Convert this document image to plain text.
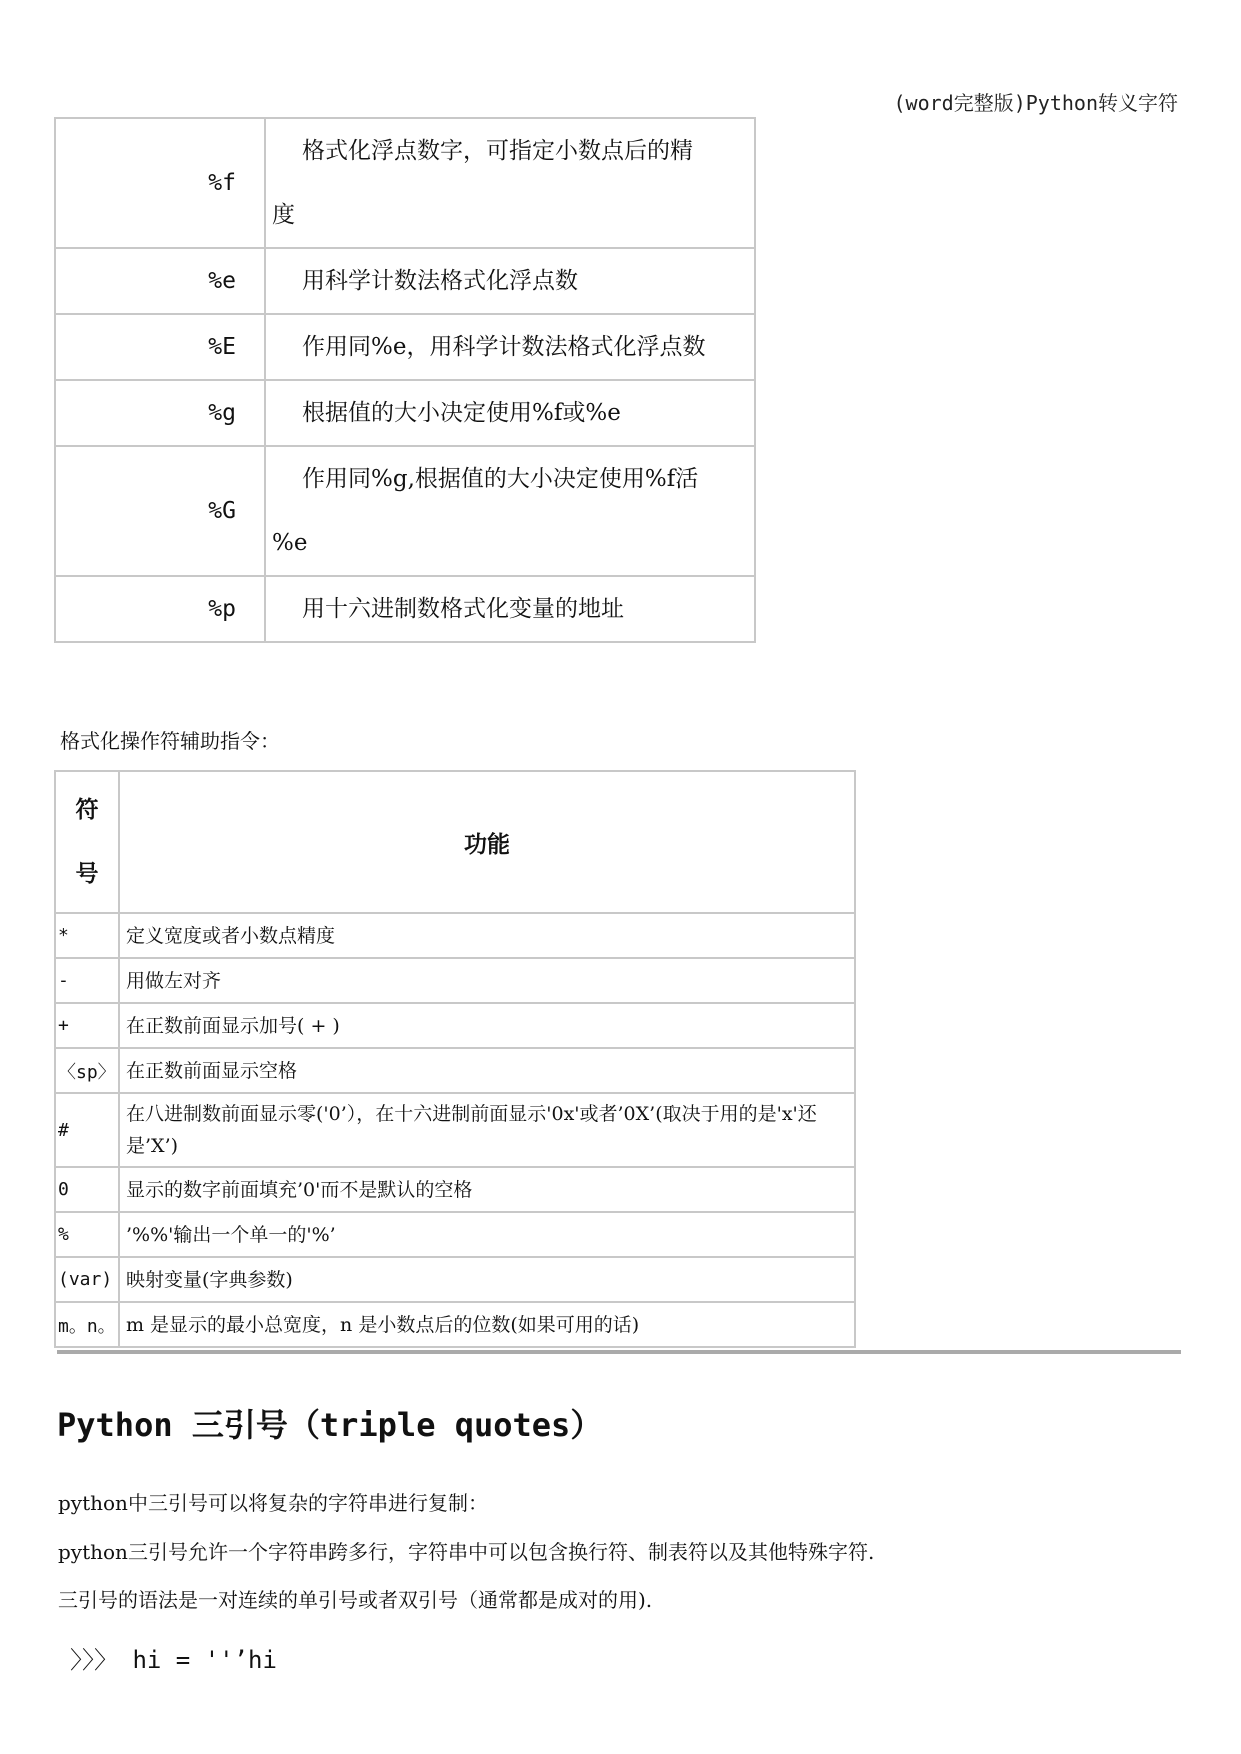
(word完整版)Python转义字符
%f	格式化浮点数字，可指定小数点后的精
度
%e	用科学计数法格式化浮点数
%E	作用同%e，用科学计数法格式化浮点数
%g	根据值的大小决定使用%f或%e
%G	作用同%g,根据值的大小决定使用%f活
%e
%p	用十六进制数格式化变量的地址
格式化操作符辅助指令：
符
号	功能
*	定义宽度或者小数点精度
-	用做左对齐
+	在正数前面显示加号( + )
〈sp〉	在正数前面显示空格
#	在八进制数前面显示零('0’），在十六进制前面显示'0x'或者’0X’(取决于用的是'x'还是’X’)
0	显示的数字前面填充’0'而不是默认的空格
%	’%%'输出一个单一的'%’
(var)	映射变量(字典参数)
m。n。	m 是显示的最小总宽度，n 是小数点后的位数(如果可用的话)
Python 三引号（triple quotes）
python中三引号可以将复杂的字符串进行复制：
python三引号允许一个字符串跨多行，字符串中可以包含换行符、制表符以及其他特殊字符.
三引号的语法是一对连续的单引号或者双引号（通常都是成对的用).
〉〉〉 hi = ''’hi
